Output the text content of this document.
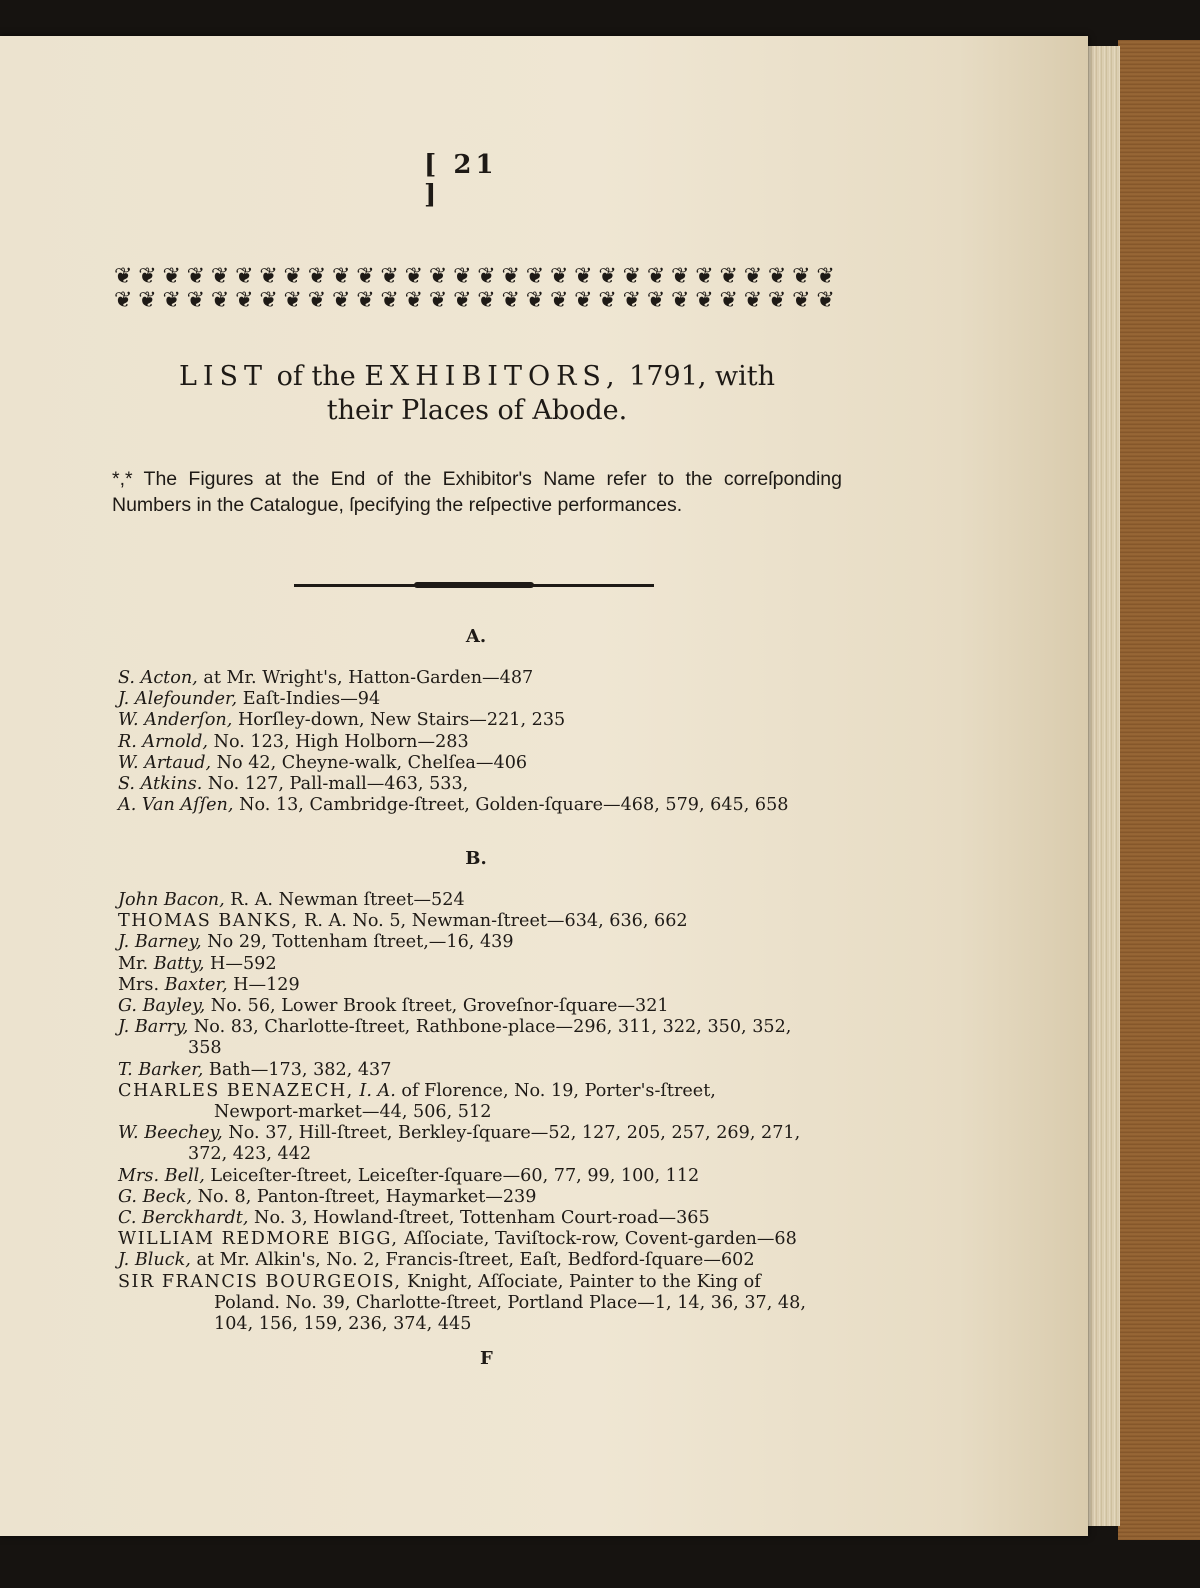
[ 21 ]
❦ ❦ ❦ ❦ ❦ ❦ ❦ ❦ ❦ ❦ ❦ ❦ ❦ ❦ ❦ ❦ ❦ ❦ ❦ ❦ ❦ ❦ ❦ ❦ ❦ ❦ ❦ ❦ ❦ ❦
❦ ❦ ❦ ❦ ❦ ❦ ❦ ❦ ❦ ❦ ❦ ❦ ❦ ❦ ❦ ❦ ❦ ❦ ❦ ❦ ❦ ❦ ❦ ❦ ❦ ❦ ❦ ❦ ❦ ❦
LIST of the EXHIBITORS, 1791, with
their Places of Abode.
*,* The Figures at the End of the Exhibitor's Name refer to the correſponding Numbers in the Catalogue, ſpecifying the reſpective performances.
A.
S. Acton, at Mr. Wright's, Hatton-Garden—487
J. Alefounder, Eaſt-Indies—94
W. Anderſon, Horſley-down, New Stairs—221, 235
R. Arnold, No. 123, High Holborn—283
W. Artaud, No 42, Cheyne-walk, Chelſea—406
S. Atkins. No. 127, Pall-mall—463, 533,
A. Van Aſſen, No. 13, Cambridge-ſtreet, Golden-ſquare—468, 579, 645, 658
B.
John Bacon, R. A. Newman ſtreet—524
THOMAS BANKS, R. A. No. 5, Newman-ſtreet—634, 636, 662
J. Barney, No 29, Tottenham ſtreet,—16, 439
Mr. Batty, H—592
Mrs. Baxter, H—129
G. Bayley, No. 56, Lower Brook ſtreet, Groveſnor-ſquare—321
J. Barry, No. 83, Charlotte-ſtreet, Rathbone-place—296, 311, 322, 350, 352,
358
T. Barker, Bath—173, 382, 437
CHARLES BENAZECH, I. A. of Florence, No. 19, Porter's-ſtreet,
Newport-market—44, 506, 512
W. Beechey, No. 37, Hill-ſtreet, Berkley-ſquare—52, 127, 205, 257, 269, 271,
372, 423, 442
Mrs. Bell, Leiceſter-ſtreet, Leiceſter-ſquare—60, 77, 99, 100, 112
G. Beck, No. 8, Panton-ſtreet, Haymarket—239
C. Berckhardt, No. 3, Howland-ſtreet, Tottenham Court-road—365
WILLIAM REDMORE BIGG, Aſſociate, Taviſtock-row, Covent-garden—68
J. Bluck, at Mr. Alkin's, No. 2, Francis-ſtreet, Eaſt, Bedford-ſquare—602
SIR FRANCIS BOURGEOIS, Knight, Aſſociate, Painter to the King of
Poland. No. 39, Charlotte-ſtreet, Portland Place—1, 14, 36, 37, 48,
104, 156, 159, 236, 374, 445
F
